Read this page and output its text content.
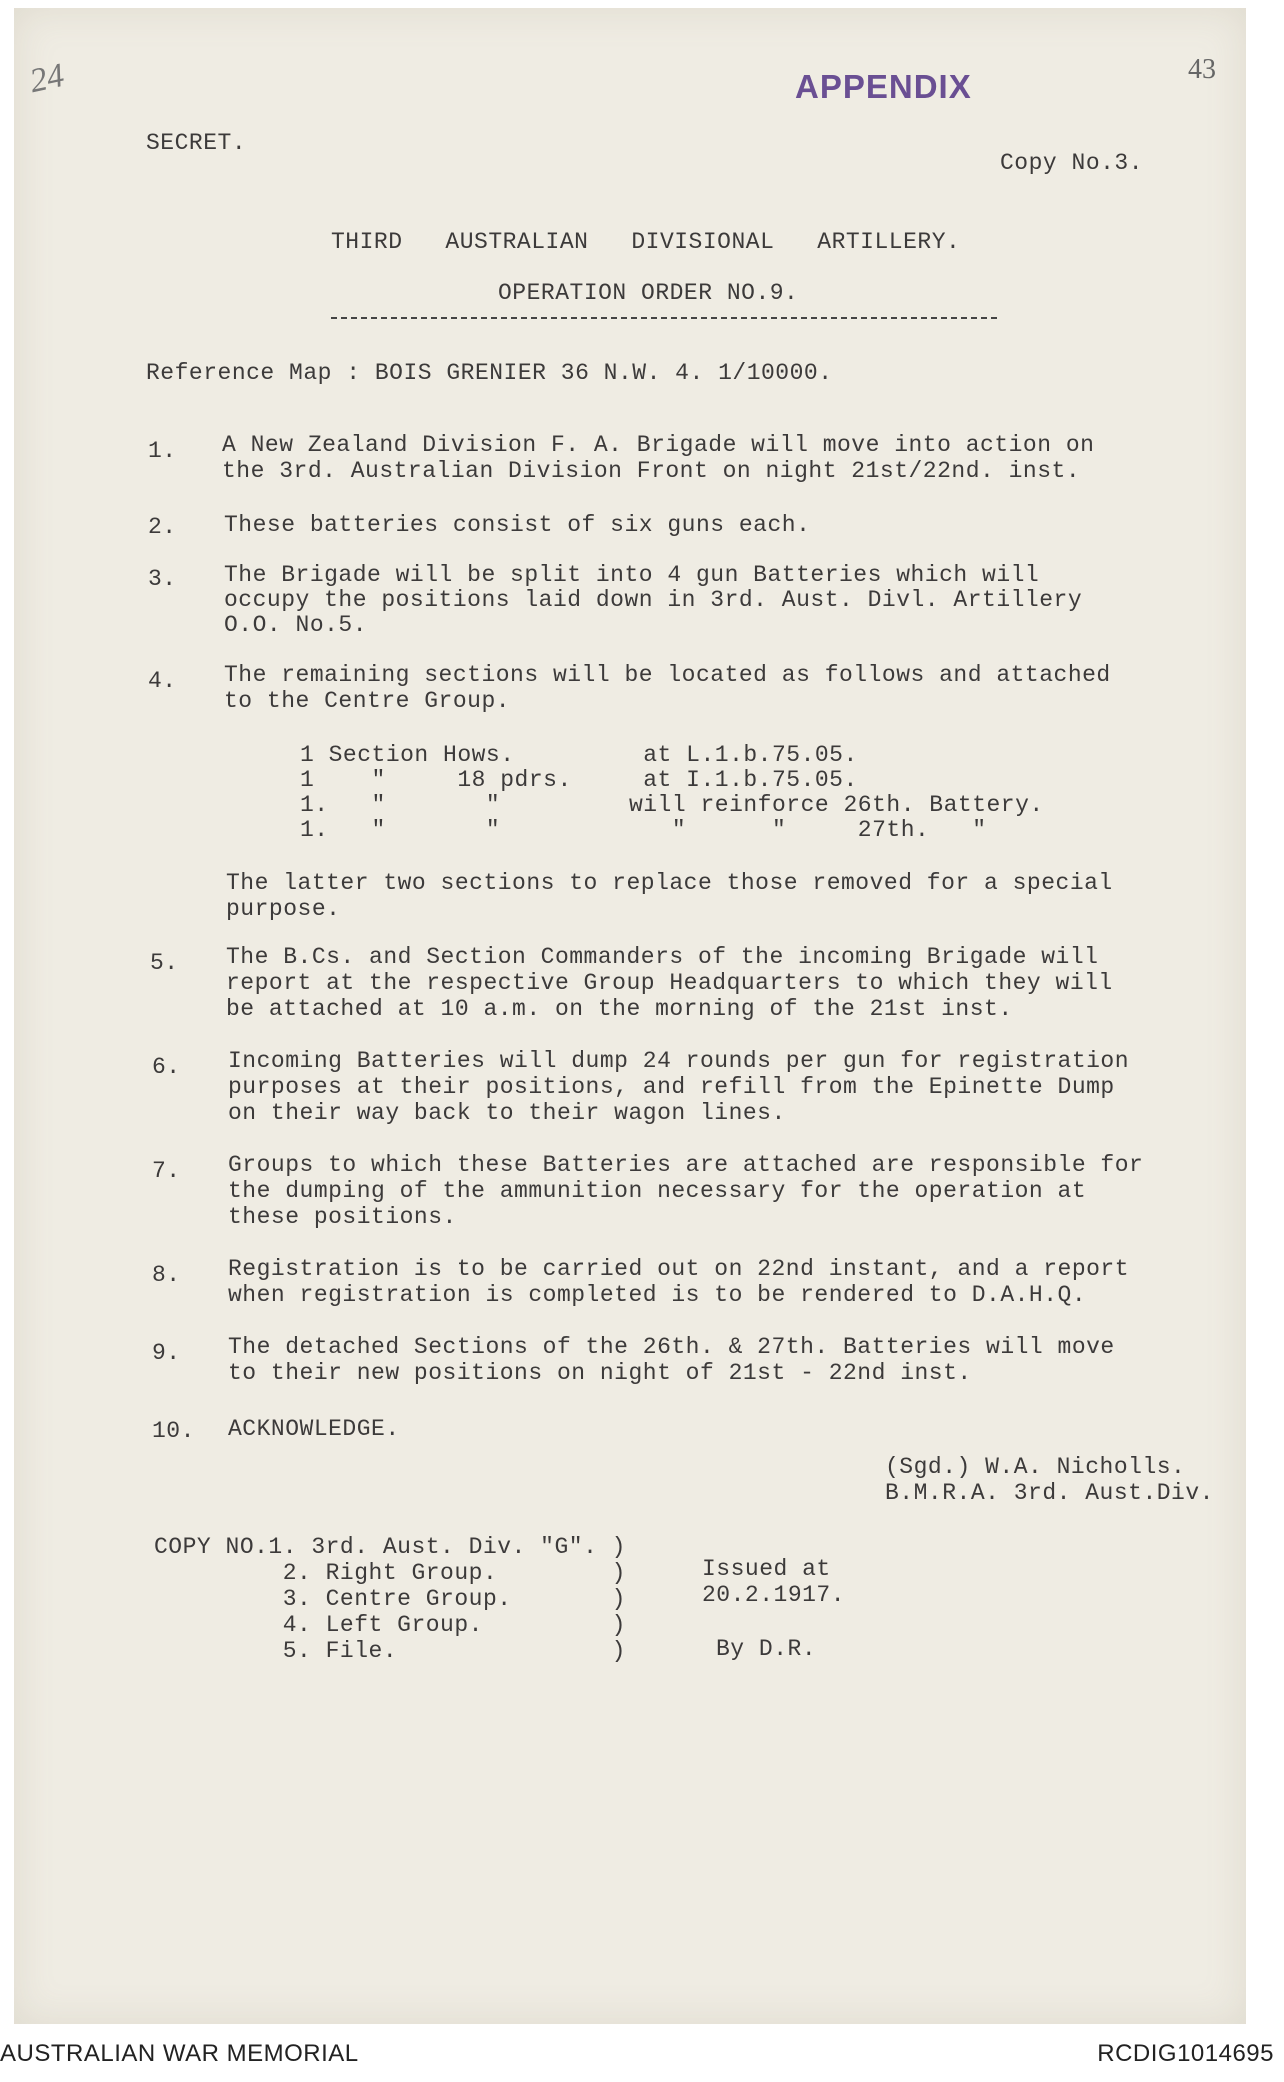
24	APPENDIX	43
SECRET.
Copy No.3.
THIRD   AUSTRALIAN   DIVISIONAL   ARTILLERY.
OPERATION ORDER NO.9.
Reference Map : BOIS GRENIER 36 N.W. 4. 1/10000.
1. A New Zealand Division F. A. Brigade will move into action on
the 3rd. Australian Division Front on night 21st/22nd. inst.
2. These batteries consist of six guns each.
3. The Brigade will be split into 4 gun Batteries which will
occupy the positions laid down in 3rd. Aust. Divl. Artillery
O.O. No.5.
4. The remaining sections will be located as follows and attached
to the Centre Group.
1 Section Hows.         at L.1.b.75.05.
1    "     18 pdrs.     at I.1.b.75.05.
1.   "       "         will reinforce 26th. Battery.
1.   "       "            "      "     27th.   "
The latter two sections to replace those removed for a special
purpose.
5. The B.Cs. and Section Commanders of the incoming Brigade will
report at the respective Group Headquarters to which they will
be attached at 10 a.m. on the morning of the 21st inst.
6. Incoming Batteries will dump 24 rounds per gun for registration
purposes at their positions, and refill from the Epinette Dump
on their way back to their wagon lines.
7. Groups to which these Batteries are attached are responsible for
the dumping of the ammunition necessary for the operation at
these positions.
8. Registration is to be carried out on 22nd instant, and a report
when registration is completed is to be rendered to D.A.H.Q.
9. The detached Sections of the 26th. & 27th. Batteries will move
to their new positions on night of 21st - 22nd inst.
10. ACKNOWLEDGE.
(Sgd.) W.A. Nicholls.
B.M.R.A. 3rd. Aust.Div.
COPY NO.1. 3rd. Aust. Div. "G". )
2. Right Group.        )
3. Centre Group.       )
4. Left Group.         )
5. File.               )
Issued at
20.2.1917.
By D.R.
AUSTRALIAN WAR MEMORIAL	RCDIG1014695
